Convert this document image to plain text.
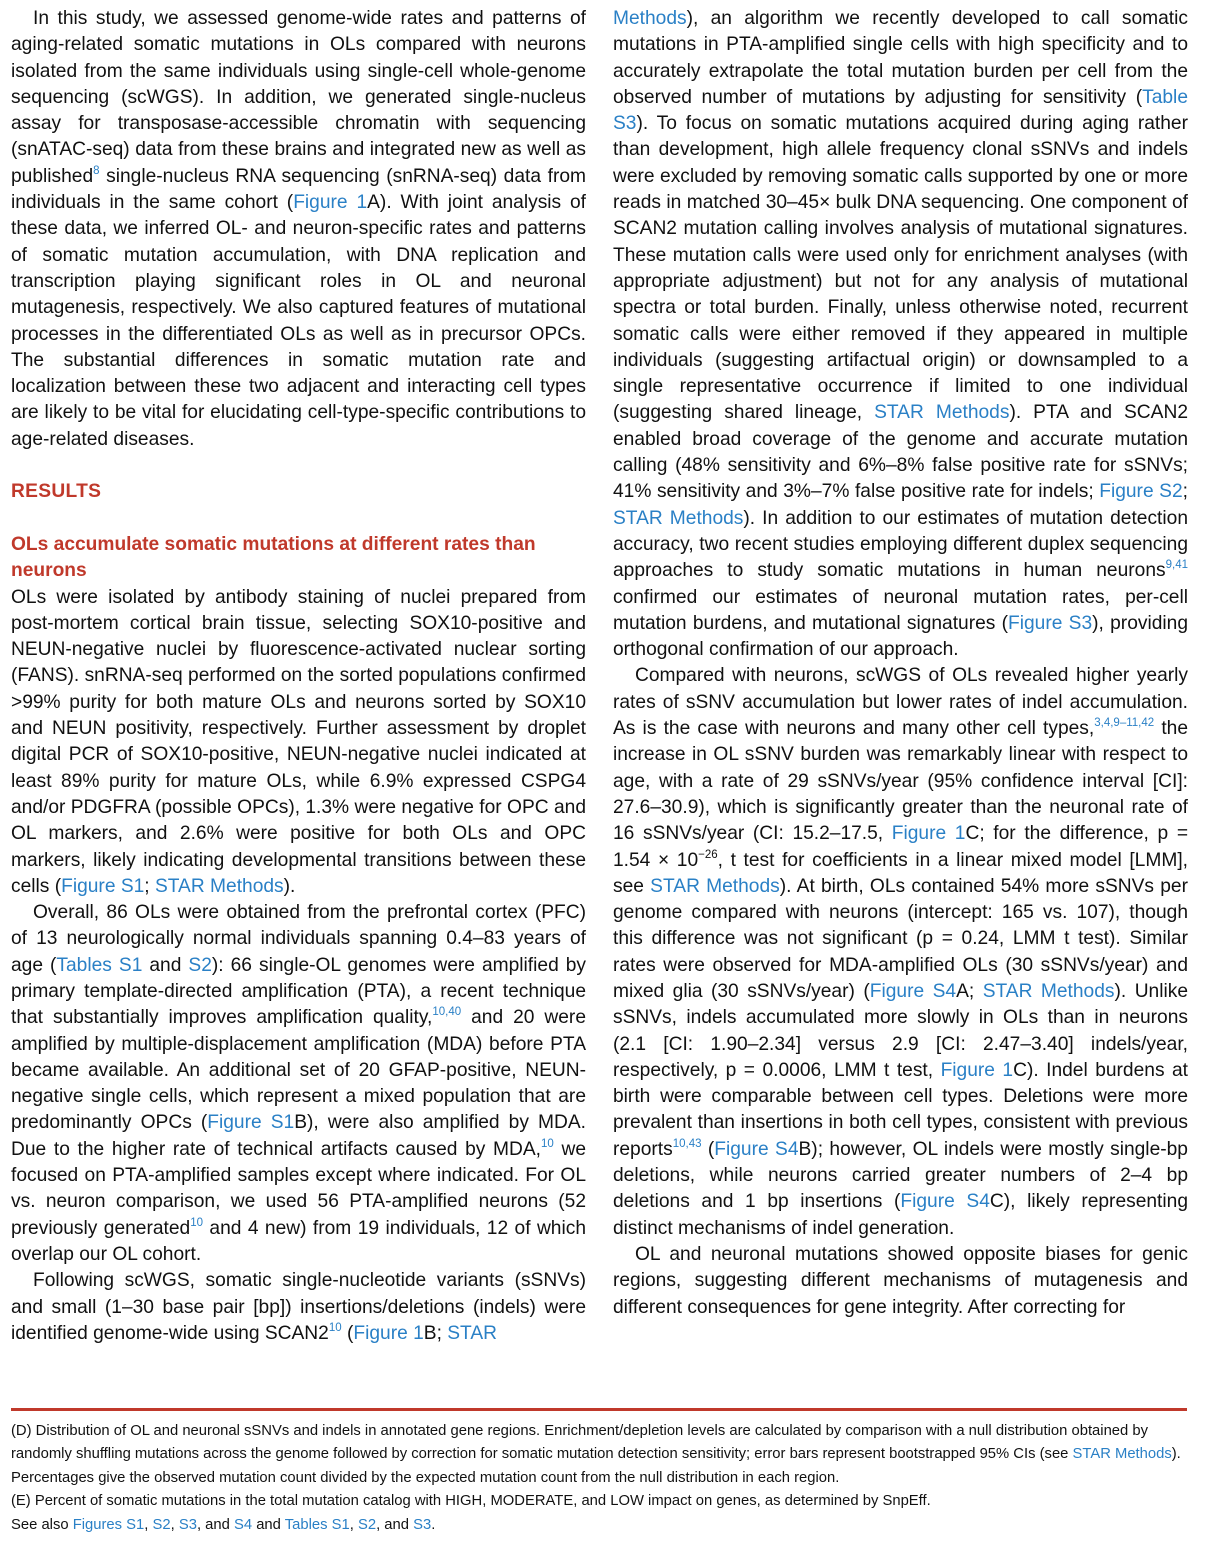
In this study, we assessed genome-wide rates and patterns of aging-related somatic mutations in OLs compared with neurons isolated from the same individuals using single-cell whole-genome sequencing (scWGS). In addition, we generated single-nucleus assay for transposase-accessible chromatin with sequencing (snATAC-seq) data from these brains and integrated new as well as published$^8$ single-nucleus RNA sequencing (snRNA-seq) data from individuals in the same cohort (Figure 1A). With joint analysis of these data, we inferred OL- and neuron-specific rates and patterns of somatic mutation accumulation, with DNA replication and transcription playing significant roles in OL and neuronal mutagenesis, respectively. We also captured features of mutational processes in the differentiated OLs as well as in precursor OPCs. The substantial differences in somatic mutation rate and localization between these two adjacent and interacting cell types are likely to be vital for elucidating cell-type-specific contributions to age-related diseases.

RESULTS

OLs accumulate somatic mutations at different rates than neurons

OLs were isolated by antibody staining of nuclei prepared from post-mortem cortical brain tissue, selecting SOX10-positive and NEUN-negative nuclei by fluorescence-activated nuclear sorting (FANS). snRNA-seq performed on the sorted populations confirmed >99% purity for both mature OLs and neurons sorted by SOX10 and NEUN positivity, respectively. Further assessment by droplet digital PCR of SOX10-positive, NEUN-negative nuclei indicated at least 89% purity for mature OLs, while 6.9% expressed CSPG4 and/or PDGFRA (possible OPCs), 1.3% were negative for OPC and OL markers, and 2.6% were positive for both OLs and OPC markers, likely indicating developmental transitions between these cells (Figure S1; STAR Methods).

Overall, 86 OLs were obtained from the prefrontal cortex (PFC) of 13 neurologically normal individuals spanning 0.4–83 years of age (Tables S1 and S2): 66 single-OL genomes were amplified by primary template-directed amplification (PTA), a recent technique that substantially improves amplification quality,$^{10,40}$ and 20 were amplified by multiple-displacement amplification (MDA) before PTA became available. An additional set of 20 GFAP-positive, NEUN-negative single cells, which represent a mixed population that are predominantly OPCs (Figure S1B), were also amplified by MDA. Due to the higher rate of technical artifacts caused by MDA,$^{10}$ we focused on PTA-amplified samples except where indicated. For OL vs. neuron comparison, we used 56 PTA-amplified neurons (52 previously generated$^{10}$ and 4 new) from 19 individuals, 12 of which overlap our OL cohort.

Following scWGS, somatic single-nucleotide variants (sSNVs) and small (1–30 base pair [bp]) insertions/deletions (indels) were identified genome-wide using SCAN2$^{10}$ (Figure 1B; STAR

Methods), an algorithm we recently developed to call somatic mutations in PTA-amplified single cells with high specificity and to accurately extrapolate the total mutation burden per cell from the observed number of mutations by adjusting for sensitivity (Table S3). To focus on somatic mutations acquired during aging rather than development, high allele frequency clonal sSNVs and indels were excluded by removing somatic calls supported by one or more reads in matched 30–45× bulk DNA sequencing. One component of SCAN2 mutation calling involves analysis of mutational signatures. These mutation calls were used only for enrichment analyses (with appropriate adjustment) but not for any analysis of mutational spectra or total burden. Finally, unless otherwise noted, recurrent somatic calls were either removed if they appeared in multiple individuals (suggesting artifactual origin) or downsampled to a single representative occurrence if limited to one individual (suggesting shared lineage, STAR Methods). PTA and SCAN2 enabled broad coverage of the genome and accurate mutation calling (48% sensitivity and 6%–8% false positive rate for sSNVs; 41% sensitivity and 3%–7% false positive rate for indels; Figure S2; STAR Methods). In addition to our estimates of mutation detection accuracy, two recent studies employing different duplex sequencing approaches to study somatic mutations in human neurons$^{9,41}$ confirmed our estimates of neuronal mutation rates, per-cell mutation burdens, and mutational signatures (Figure S3), providing orthogonal confirmation of our approach.

Compared with neurons, scWGS of OLs revealed higher yearly rates of sSNV accumulation but lower rates of indel accumulation. As is the case with neurons and many other cell types,$^{3,4,9-11,42}$ the increase in OL sSNV burden was remarkably linear with respect to age, with a rate of 29 sSNVs/year (95% confidence interval [CI]: 27.6–30.9), which is significantly greater than the neuronal rate of 16 sSNVs/year (CI: 15.2–17.5, Figure 1C; for the difference, $p = 1.54 \times 10^{-26}$, t test for coefficients in a linear mixed model [LMM], see STAR Methods). At birth, OLs contained 54% more sSNVs per genome compared with neurons (intercept: 165 vs. 107), though this difference was not significant (p = 0.24, LMM t test). Similar rates were observed for MDA-amplified OLs (30 sSNVs/year) and mixed glia (30 sSNVs/year) (Figure S4A; STAR Methods). Unlike sSNVs, indels accumulated more slowly in OLs than in neurons (2.1 [CI: 1.90–2.34] versus 2.9 [CI: 2.47–3.40] indels/year, respectively, p = 0.0006, LMM t test, Figure 1C). Indel burdens at birth were comparable between cell types. Deletions were more prevalent than insertions in both cell types, consistent with previous reports$^{10,43}$ (Figure S4B); however, OL indels were mostly single-bp deletions, while neurons carried greater numbers of 2–4 bp deletions and 1 bp insertions (Figure S4C), likely representing distinct mechanisms of indel generation.

OL and neuronal mutations showed opposite biases for genic regions, suggesting different mechanisms of mutagenesis and different consequences for gene integrity. After correcting for

(D) Distribution of OL and neuronal sSNVs and indels in annotated gene regions. Enrichment/depletion levels are calculated by comparison with a null distribution obtained by randomly shuffling mutations across the genome followed by correction for somatic mutation detection sensitivity; error bars represent bootstrapped 95% CIs (see STAR Methods). Percentages give the observed mutation count divided by the expected mutation count from the null distribution in each region.

(E) Percent of somatic mutations in the total mutation catalog with HIGH, MODERATE, and LOW impact on genes, as determined by SnpEff.

See also Figures S1, S2, S3, and S4 and Tables S1, S2, and S3.
